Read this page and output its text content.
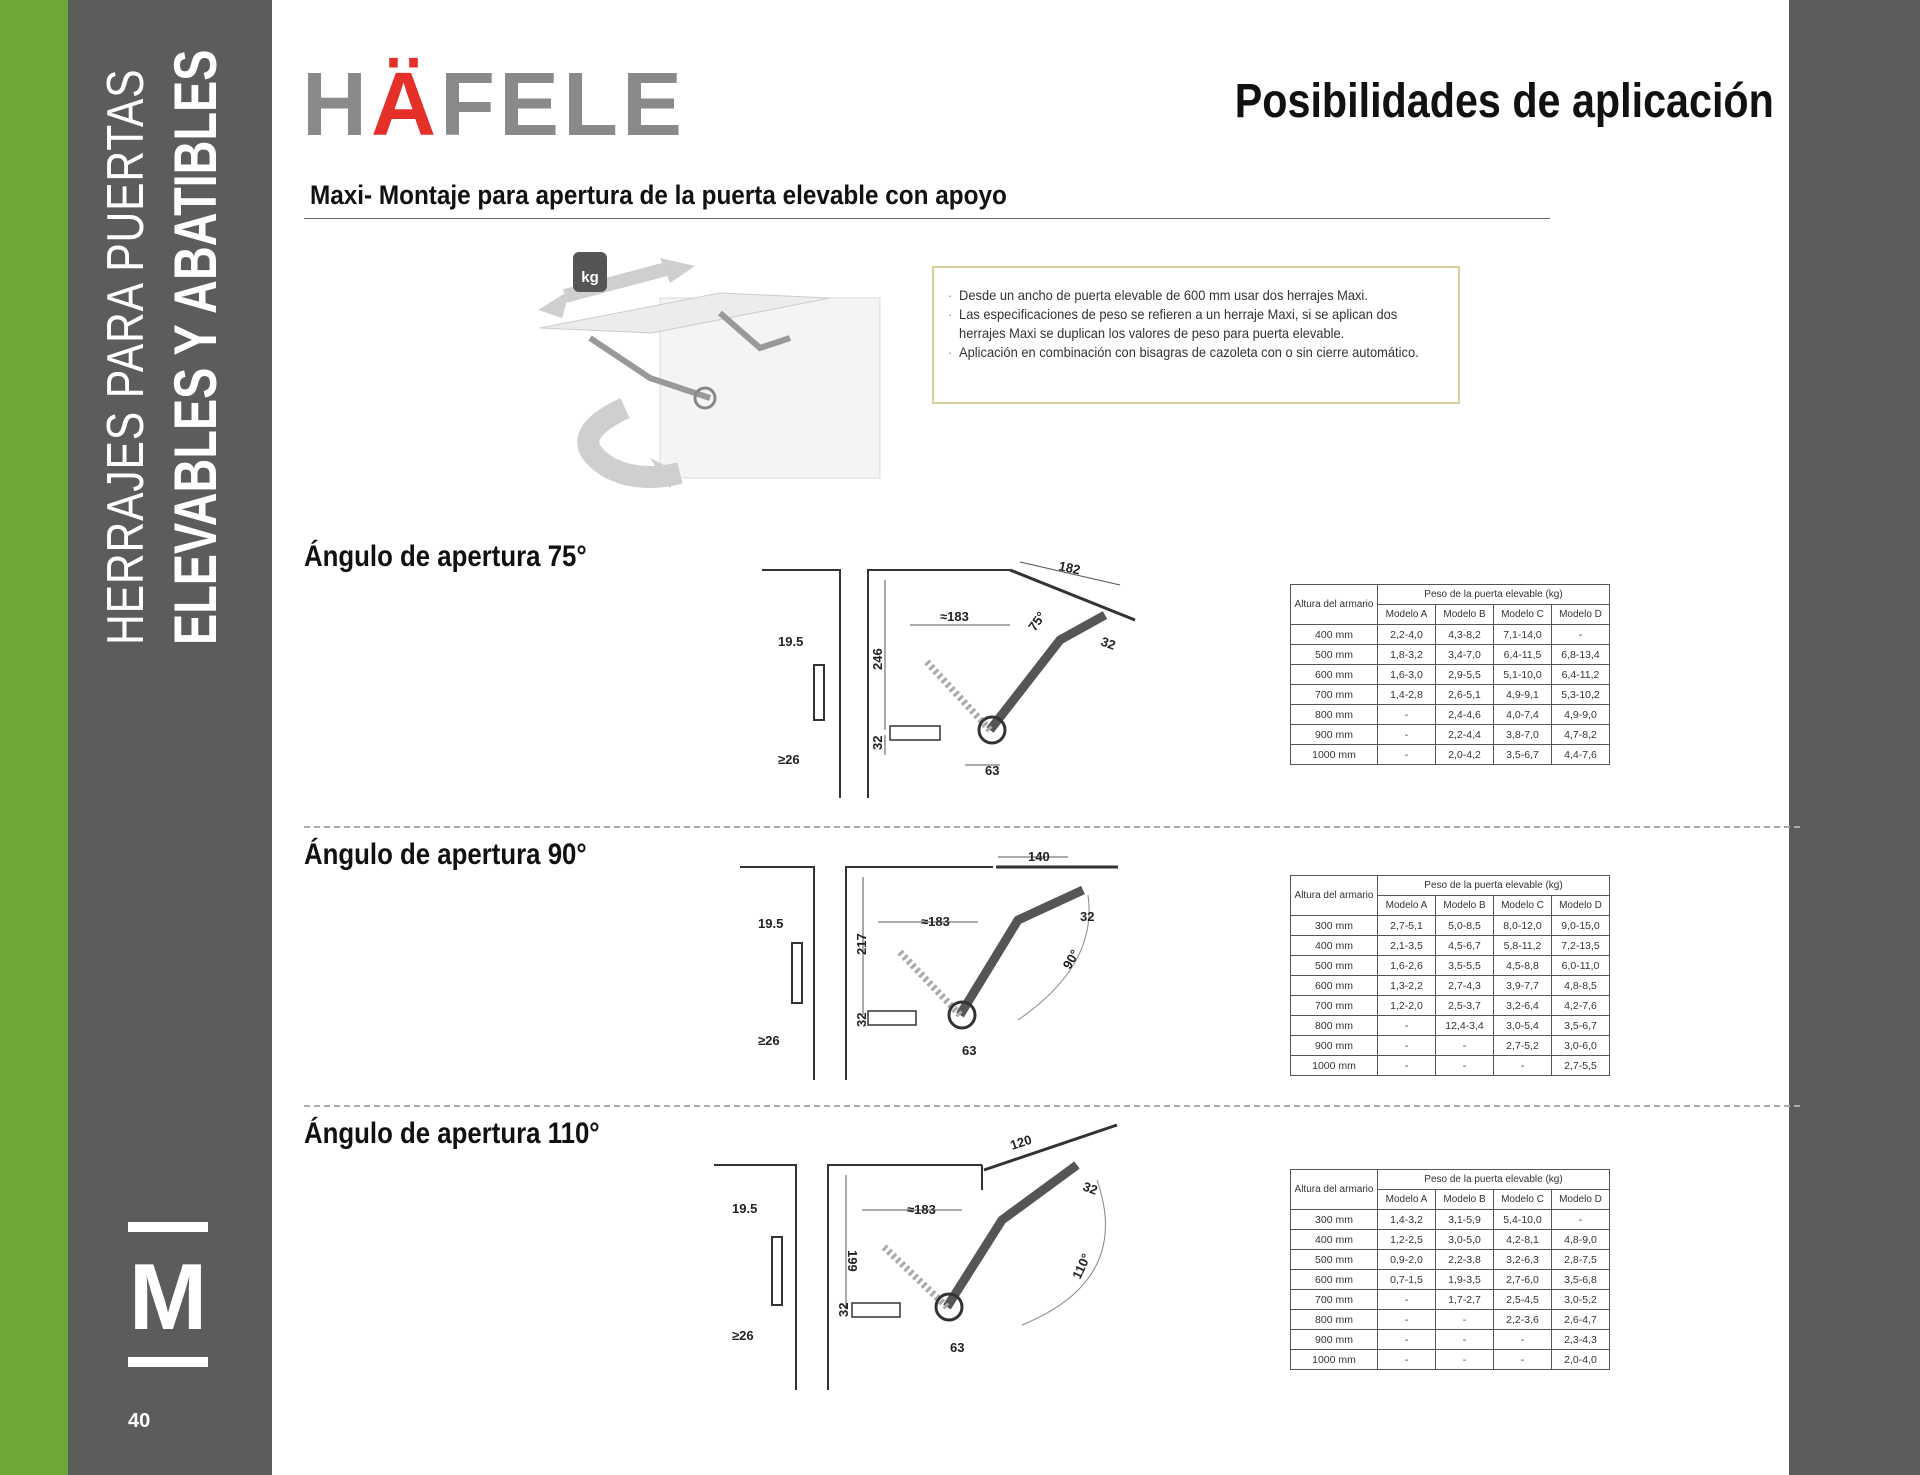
HERRAJES PARA PUERTAS ELEVABLES Y ABATIBLES
M
40
HÄFELE	Posibilidades de aplicación
Maxi- Montaje para apertura de la puerta elevable con apoyo
kg
· Desde un ancho de puerta elevable de 600 mm usar dos herrajes Maxi.
· Las especificaciones de peso se refieren a un herraje Maxi, si se aplican dos herrajes Maxi se duplican los valores de peso para puerta elevable.
· Aplicación en combinación con bisagras de cazoleta con o sin cierre automático.
Ángulo de apertura 75°
Ángulo de apertura 90°
Ángulo de apertura 110°
19.5
≥26
≈183
246
32
63
182
32
75°
19.5
≥26
≈183
217
32
63
140
32
90°
19.5
≥26
≈183
199
32
63
120
32
110°
Altura del armario	Peso de la puerta elevable (kg)			
	Modelo A	Modelo B	Modelo C	Modelo D
400 mm	2,2-4,0	4,3-8,2	7,1-14,0	-
500 mm	1,8-3,2	3,4-7,0	6,4-11,5	6,8-13,4
600 mm	1,6-3,0	2,9-5,5	5,1-10,0	6,4-11,2
700 mm	1,4-2,8	2,6-5,1	4,9-9,1	5,3-10,2
800 mm	-	2,4-4,6	4,0-7,4	4,9-9,0
900 mm	-	2,2-4,4	3,8-7,0	4,7-8,2
1000 mm	-	2,0-4,2	3,5-6,7	4,4-7,6
Altura del armario	Peso de la puerta elevable (kg)			
	Modelo A	Modelo B	Modelo C	Modelo D
300 mm	2,7-5,1	5,0-8,5	8,0-12,0	9,0-15,0
400 mm	2,1-3,5	4,5-6,7	5,8-11,2	7,2-13,5
500 mm	1,6-2,6	3,5-5,5	4,5-8,8	6,0-11,0
600 mm	1,3-2,2	2,7-4,3	3,9-7,7	4,8-8,5
700 mm	1,2-2,0	2,5-3,7	3,2-6,4	4,2-7,6
800 mm	-	12,4-3,4	3,0-5,4	3,5-6,7
900 mm	-	-	2,7-5,2	3,0-6,0
1000 mm	-	-	-	2,7-5,5
Altura del armario	Peso de la puerta elevable (kg)			
	Modelo A	Modelo B	Modelo C	Modelo D
300 mm	1,4-3,2	3,1-5,9	5,4-10,0	-
400 mm	1,2-2,5	3,0-5,0	4,2-8,1	4,8-9,0
500 mm	0,9-2,0	2,2-3,8	3,2-6,3	2,8-7,5
600 mm	0,7-1,5	1,9-3,5	2,7-6,0	3,5-6,8
700 mm	-	1,7-2,7	2,5-4,5	3,0-5,2
800 mm	-	-	2,2-3,6	2,6-4,7
900 mm	-	-	-	2,3-4,3
1000 mm	-	-	-	2,0-4,0
